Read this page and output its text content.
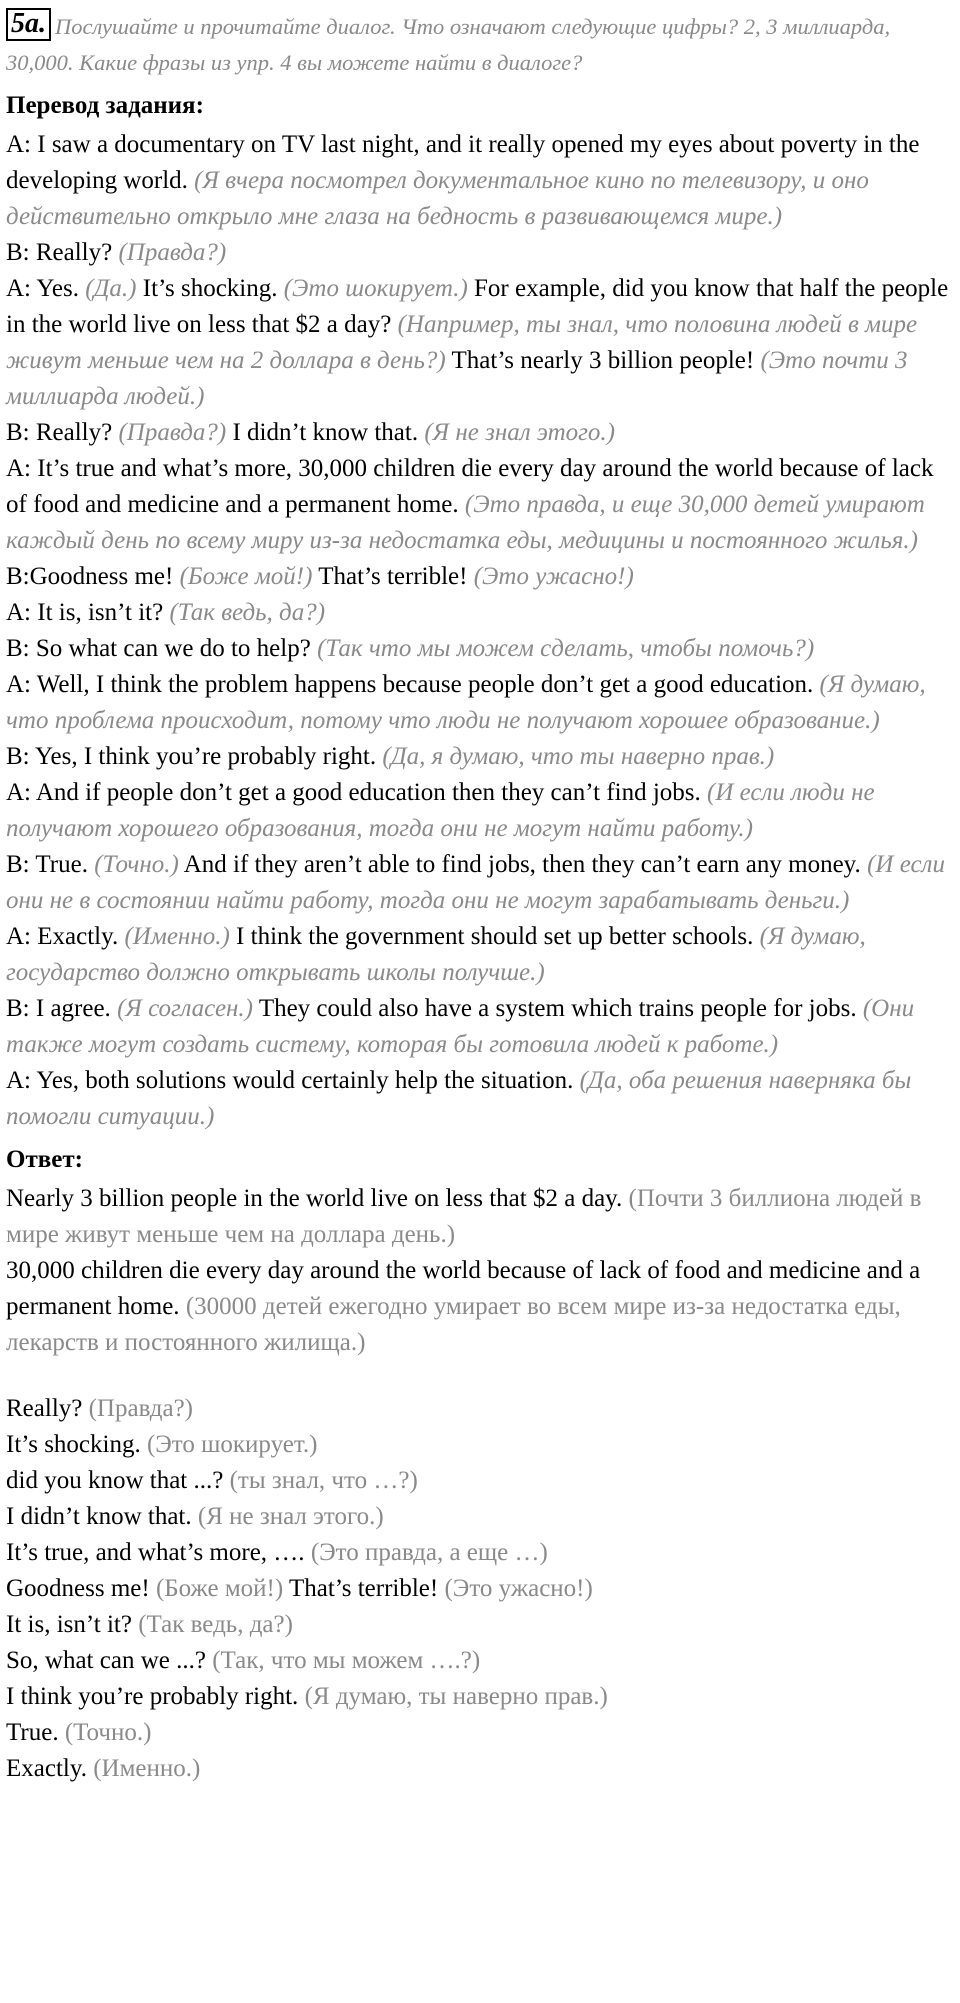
5a. Послушайте и прочитайте диалог. Что означают следующие цифры? 2, 3 миллиарда, 30,000. Какие фразы из упр. 4 вы можете найти в диалоге?

Перевод задания:

A: I saw a documentary on TV last night, and it really opened my eyes about poverty in the developing world. (Я вчера посмотрел документальное кино по телевизору, и оно действительно открыло мне глаза на бедность в развивающемся мире.)

B: Really? (Правда?)

A: Yes. (Да.) It’s shocking. (Это шокирует.) For example, did you know that half the people in the world live on less that $2 a day? (Например, ты знал, что половина людей в мире живут меньше чем на 2 доллара в день?) That’s nearly 3 billion people! (Это почти 3 миллиарда людей.)

B: Really? (Правда?) I didn’t know that. (Я не знал этого.)

A: It’s true and what’s more, 30,000 children die every day around the world because of lack of food and medicine and a permanent home. (Это правда, и еще 30,000 детей умирают каждый день по всему миру из-за недостатка еды, медицины и постоянного жилья.)

B:Goodness me! (Боже мой!) That’s terrible! (Это ужасно!)

A: It is, isn’t it? (Так ведь, да?)

B: So what can we do to help? (Так что мы можем сделать, чтобы помочь?)

A: Well, I think the problem happens because people don’t get a good education. (Я думаю, что проблема происходит, потому что люди не получают хорошее образование.)

B: Yes, I think you’re probably right. (Да, я думаю, что ты наверно прав.)

A: And if people don’t get a good education then they can’t find jobs. (И если люди не получают хорошего образования, тогда они не могут найти работу.)

B: True. (Точно.) And if they aren’t able to find jobs, then they can’t earn any money. (И если они не в состоянии найти работу, тогда они не могут зарабатывать деньги.)

A: Exactly. (Именно.) I think the government should set up better schools. (Я думаю, государство должно открывать школы получше.)

B: I agree. (Я согласен.) They could also have a system which trains people for jobs. (Они также могут создать систему, которая бы готовила людей к работе.)

A: Yes, both solutions would certainly help the situation. (Да, оба решения наверняка бы помогли ситуации.)

Ответ:

Nearly 3 billion people in the world live on less that $2 a day. (Почти 3 биллиона людей в мире живут меньше чем на доллара день.)

30,000 children die every day around the world because of lack of food and medicine and a permanent home. (30000 детей ежегодно умирает во всем мире из-за недостатка еды, лекарств и постоянного жилища.)

Really? (Правда?)

It’s shocking. (Это шокирует.)

did you know that ...? (ты знал, что …?)

I didn’t know that. (Я не знал этого.)

It’s true, and what’s more, …. (Это правда, а еще …)

Goodness me! (Боже мой!) That’s terrible! (Это ужасно!)

It is, isn’t it? (Так ведь, да?)

So, what can we ...? (Так, что мы можем ….?)

I think you’re probably right. (Я думаю, ты наверно прав.)

True. (Точно.)

Exactly. (Именно.)
